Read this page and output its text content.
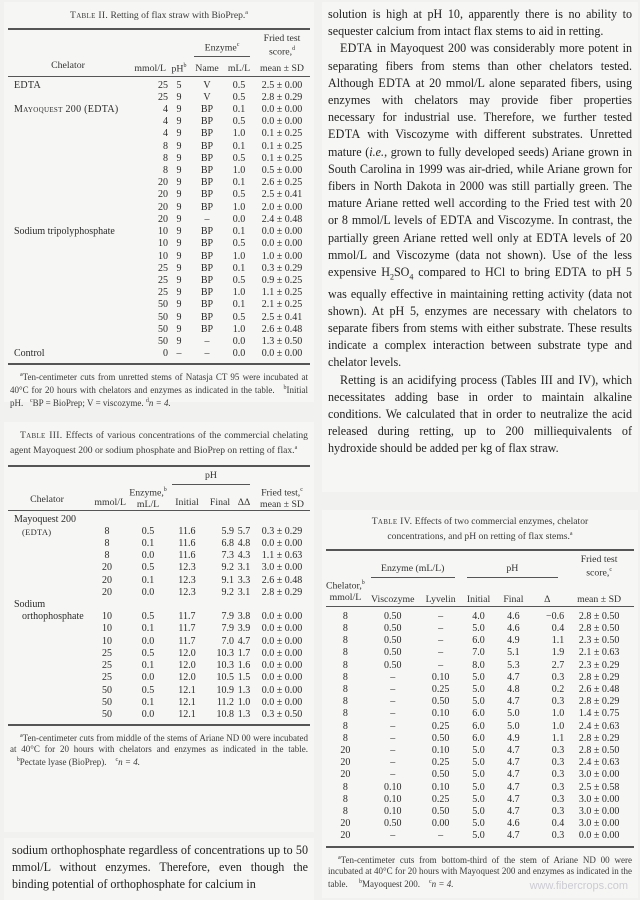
Table II. Retting of flax straw with BioPrep.$^a$

			Enzyme$^c$		Fried test
score,$^d$
Chelator	mmol/L	$pH^b$	Name	mL/L	mean ± SD
EDTA	25	5	V	0.5	2.5 ± 0.00
	25	9	V	0.5	2.8 ± 0.29
Mayoquest 200 (EDTA)	4	9	BP	0.1	0.0 ± 0.00
	4	9	BP	0.5	0.0 ± 0.00
	4	9	BP	1.0	0.1 ± 0.25
	8	9	BP	0.1	0.1 ± 0.25
	8	9	BP	0.5	0.1 ± 0.25
	8	9	BP	1.0	0.5 ± 0.00
	20	9	BP	0.1	2.6 ± 0.25
	20	9	BP	0.5	2.5 ± 0.41
	20	9	BP	1.0	2.0 ± 0.00
	20	9	–	0.0	2.4 ± 0.48
Sodium tripolyphosphate	10	9	BP	0.1	0.0 ± 0.00
	10	9	BP	0.5	0.0 ± 0.00
	10	9	BP	1.0	1.0 ± 0.00
	25	9	BP	0.1	0.3 ± 0.29
	25	9	BP	0.5	0.9 ± 0.25
	25	9	BP	1.0	1.1 ± 0.25
	50	9	BP	0.1	2.1 ± 0.25
	50	9	BP	0.5	2.5 ± 0.41
	50	9	BP	1.0	2.6 ± 0.48
	50	9	–	0.0	1.3 ± 0.50
Control	0	–	–	0.0	0.0 ± 0.00
$^a$Ten-centimeter cuts from unretted stems of Natasja CT 95 were incubated at 40°C for 20 hours with chelators and enzymes as indicated in the table. $^b$Initial pH. $^c$BP = BioPrep; V = viscozyme. $^d$n = 4.
Table III. Effects of various concentrations of the commercial chelating agent Mayoquest 200 or sodium phosphate and BioPrep on retting of flax.$^a$

			pH			

Chelator	mmol/L	Enzyme,$^b$
mL/L	Initial	Final	ΔΔ	Fried test,$^c$
mean ± SD
Mayoquest 200						
(EDTA)	8	0.5	11.6	5.9	5.7	0.3 ± 0.29
	8	0.1	11.6	6.8	4.8	0.0 ± 0.00
	8	0.0	11.6	7.3	4.3	1.1 ± 0.63
	20	0.5	12.3	9.2	3.1	3.0 ± 0.00
	20	0.1	12.3	9.1	3.3	2.6 ± 0.48
	20	0.0	12.3	9.2	3.1	2.8 ± 0.29
Sodium						
orthophosphate	10	0.5	11.7	7.9	3.8	0.0 ± 0.00
	10	0.1	11.7	7.9	3.9	0.0 ± 0.00
	10	0.0	11.7	7.0	4.7	0.0 ± 0.00
	25	0.5	12.0	10.3	1.7	0.0 ± 0.00
	25	0.1	12.0	10.3	1.6	0.0 ± 0.00
	25	0.0	12.0	10.5	1.5	0.0 ± 0.00
	50	0.5	12.1	10.9	1.3	0.0 ± 0.00
	50	0.1	12.1	11.2	1.0	0.0 ± 0.00
	50	0.0	12.1	10.8	1.3	0.3 ± 0.50
$^a$Ten-centimeter cuts from middle of the stems of Ariane ND 00 were incubated at 40°C for 20 hours with chelators and enzymes as indicated in the table.    $^b$Pectate lyase (BioPrep). $^c$n = 4.

sodium orthophosphate regardless of concentrations up to 50 mmol/L without enzymes. Therefore, even though the binding potential of orthophosphate for calcium in

solution is high at pH 10, apparently there is no ability to sequester calcium from intact flax stems to aid in retting.

EDTA in Mayoquest 200 was considerably more potent in separating fibers from stems than other chelators tested. Although EDTA at 20 mmol/L alone separated fibers, using enzymes with chelators may provide fiber properties necessary for industrial use. Therefore, we further tested EDTA with Viscozyme with different substrates. Unretted mature (i.e., grown to fully developed seeds) Ariane grown in South Carolina in 1999 was air-dried, while Ariane grown for fibers in North Dakota in 2000 was still partially green. The mature Ariane retted well according to the Fried test with 20 or 8 mmol/L levels of EDTA and Viscozyme. In contrast, the partially green Ariane retted well only at EDTA levels of 20 mmol/L and Viscozyme (data not shown). Use of the less expensive $H_2SO_4$ compared to HCl to bring EDTA to pH 5 was equally effective in maintaining retting activity (data not shown). At pH 5, enzymes are necessary with chelators to separate fibers from stems with either substrate. These results indicate a complex interaction between substrate type and chelator levels.

Retting is an acidifying process (Tables III and IV), which necessitates adding base in order to maintain alkaline conditions. We calculated that in order to neutralize the acid released during retting, up to 200 milliequivalents of hydroxide should be added per kg of flax straw.

Table IV. Effects of two commercial enzymes, chelator
concentrations, and pH on retting of flax stems.$^a$

	Enzyme (mL/L)		pH			Fried test
score,$^c$
Chelator,$^b$
mmol/L	Viscozyme	Lyvelin	Initial	Final	Δ	mean ± SD
8	0.50	–	4.0	4.6	−0.6	2.8 ± 0.50
8	0.50	–	5.0	4.6	0.4	2.8 ± 0.50
8	0.50	–	6.0	4.9	1.1	2.3 ± 0.50
8	0.50	–	7.0	5.1	1.9	2.1 ± 0.63
8	0.50	–	8.0	5.3	2.7	2.3 ± 0.29
8	–	0.10	5.0	4.7	0.3	2.8 ± 0.29
8	–	0.25	5.0	4.8	0.2	2.6 ± 0.48
8	–	0.50	5.0	4.7	0.3	2.8 ± 0.29
8	–	0.10	6.0	5.0	1.0	1.4 ± 0.75
8	–	0.25	6.0	5.0	1.0	2.4 ± 0.63
8	–	0.50	6.0	4.9	1.1	2.8 ± 0.29
20	–	0.10	5.0	4.7	0.3	2.8 ± 0.50
20	–	0.25	5.0	4.7	0.3	2.4 ± 0.63
20	–	0.50	5.0	4.7	0.3	3.0 ± 0.00
8	0.10	0.10	5.0	4.7	0.3	2.5 ± 0.58
8	0.10	0.25	5.0	4.7	0.3	3.0 ± 0.00
8	0.10	0.50	5.0	4.7	0.3	3.0 ± 0.00
20	0.50	0.00	5.0	4.6	0.4	3.0 ± 0.00
20	–	–	5.0	4.7	0.3	0.0 ± 0.00
$^a$Ten-centimeter cuts from bottom-third of the stem of Ariane ND 00 were incubated at 40°C for 20 hours with Mayoquest 200 and enzymes as indicated in the table. $^b$Mayoquest 200. $^c$n = 4.	www.fibercrops.com
